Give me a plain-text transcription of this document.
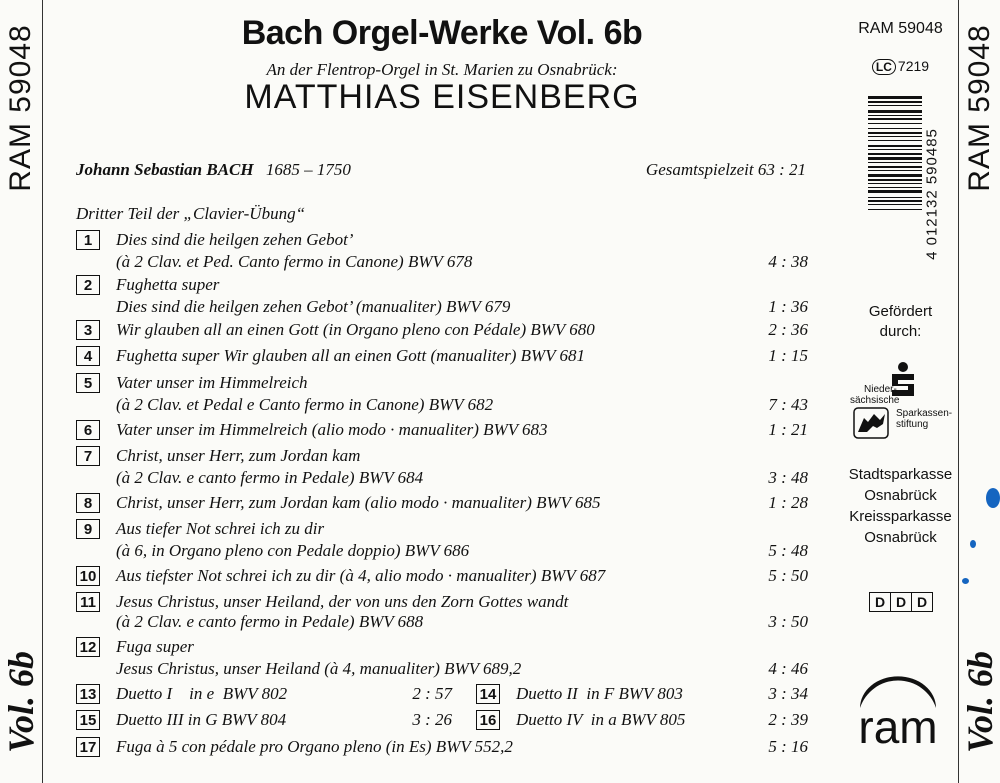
RAM 59048
Vol. 6b
RAM 59048
Vol. 6b
Bach Orgel-Werke Vol. 6b
An der Flentrop-Orgel in St. Marien zu Osnabrück:
MATTHIAS EISENBERG
Johann Sebastian BACH 1685 – 1750	Gesamtspielzeit 63 : 21
Dritter Teil der „Clavier-Übung“
1	Dies sind die heilgen zehen Gebot’
(à 2 Clav. et Ped. Canto fermo in Canone) BWV 678	4 : 38
2	Fughetta super
Dies sind die heilgen zehen Gebot’ (manualiter) BWV 679	1 : 36
3	Wir glauben all an einen Gott (in Organo pleno con Pédale) BWV 680	2 : 36
4	Fughetta super Wir glauben all an einen Gott (manualiter) BWV 681	1 : 15
5	Vater unser im Himmelreich
(à 2 Clav. et Pedal e Canto fermo in Canone) BWV 682	7 : 43
6	Vater unser im Himmelreich (alio modo · manualiter) BWV 683	1 : 21
7	Christ, unser Herr, zum Jordan kam
(à 2 Clav. e canto fermo in Pedale) BWV 684	3 : 48
8	Christ, unser Herr, zum Jordan kam (alio modo · manualiter) BWV 685	1 : 28
9	Aus tiefer Not schrei ich zu dir
(à 6, in Organo pleno con Pedale doppio) BWV 686	5 : 48
10 Aus tiefster Not schrei ich zu dir (à 4, alio modo · manualiter) BWV 687	5 : 50
11 Jesus Christus, unser Heiland, der von uns den Zorn Gottes wandt
(à 2 Clav. e canto fermo in Pedale) BWV 688	3 : 50
12 Fuga super
Jesus Christus, unser Heiland (à 4, manualiter) BWV 689,2	4 : 46
13 Duetto I    in e  BWV 802	2 : 57 14 Duetto II  in F BWV 803	3 : 34
15 Duetto III in G BWV 804	3 : 26 16 Duetto IV  in a BWV 805	2 : 39
17 Fuga à 5 con pédale pro Organo pleno (in Es) BWV 552,2	5 : 16
RAM 59048
LC 7219
4 012132 590485
Gefördert
durch:
Nieder-
sächsische
Sparkassen-
stiftung
Stadtsparkasse
Osnabrück
Kreissparkasse
Osnabrück
D D D
ram
